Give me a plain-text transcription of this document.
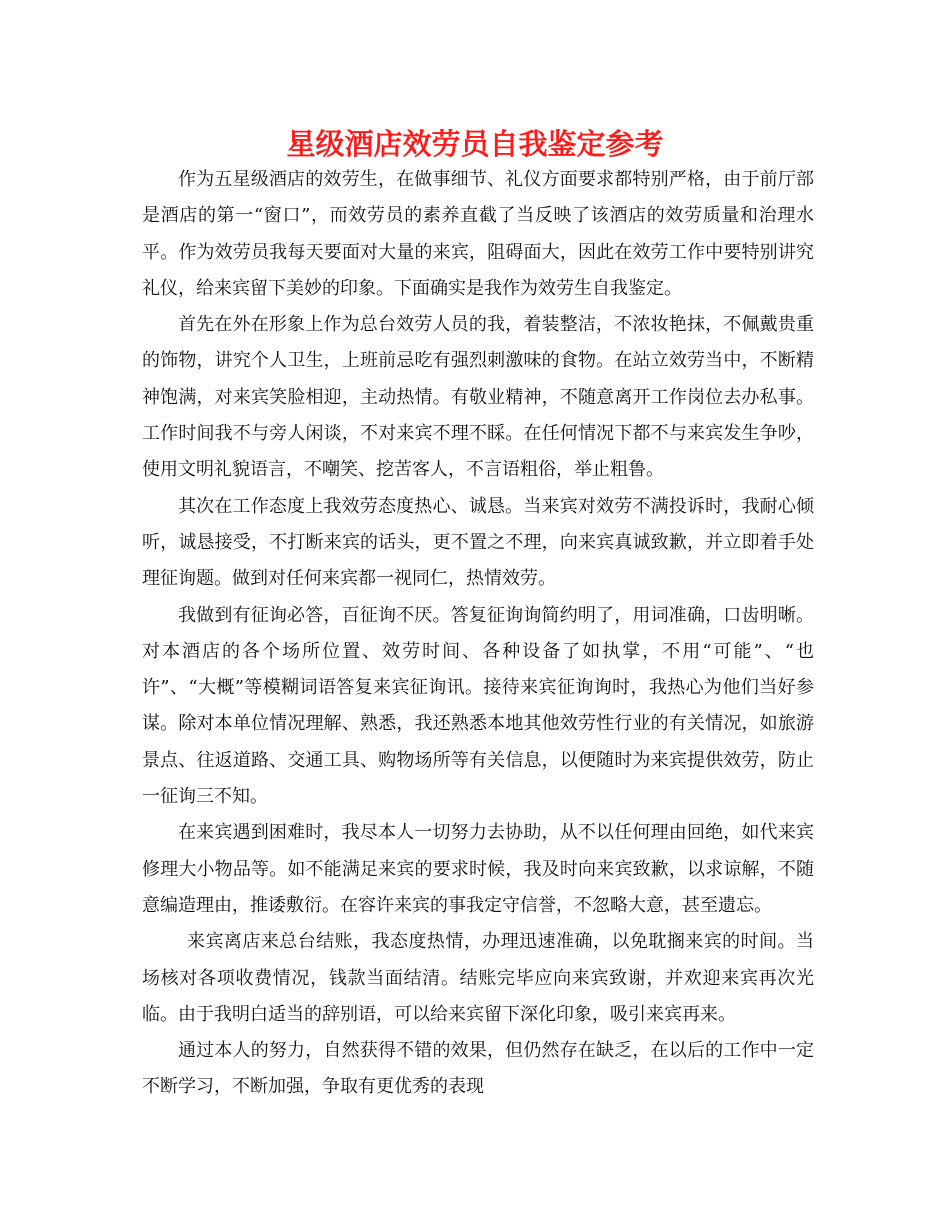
星级酒店效劳员自我鉴定参考

作为五星级酒店的效劳生，在做事细节、礼仪方面要求都特别严格，由于前厅部是酒店的第一“窗口”，而效劳员的素养直截了当反映了该酒店的效劳质量和治理水平。作为效劳员我每天要面对大量的来宾，阻碍面大，因此在效劳工作中要特别讲究礼仪，给来宾留下美妙的印象。下面确实是我作为效劳生自我鉴定。

首先在外在形象上作为总台效劳人员的我，着装整洁，不浓妆艳抹，不佩戴贵重的饰物，讲究个人卫生，上班前忌吃有强烈刺激味的食物。在站立效劳当中，不断精神饱满，对来宾笑脸相迎，主动热情。有敬业精神，不随意离开工作岗位去办私事。工作时间我不与旁人闲谈，不对来宾不理不睬。在任何情况下都不与来宾发生争吵，使用文明礼貌语言，不嘲笑、挖苦客人，不言语粗俗，举止粗鲁。

其次在工作态度上我效劳态度热心、诚恳。当来宾对效劳不满投诉时，我耐心倾听，诚恳接受，不打断来宾的话头，更不置之不理，向来宾真诚致歉，并立即着手处理征询题。做到对任何来宾都一视同仁，热情效劳。

我做到有征询必答，百征询不厌。答复征询询简约明了，用词准确，口齿明晰。对本酒店的各个场所位置、效劳时间、各种设备了如执掌，不用“可能”、“也许”、“大概”等模糊词语答复来宾征询讯。接待来宾征询询时，我热心为他们当好参谋。除对本单位情况理解、熟悉，我还熟悉本地其他效劳性行业的有关情况，如旅游景点、往返道路、交通工具、购物场所等有关信息，以便随时为来宾提供效劳，防止一征询三不知。

在来宾遇到困难时，我尽本人一切努力去协助，从不以任何理由回绝，如代来宾修理大小物品等。如不能满足来宾的要求时候，我及时向来宾致歉，以求谅解，不随意编造理由，推诿敷衍。在容许来宾的事我定守信誉，不忽略大意，甚至遗忘。

来宾离店来总台结账，我态度热情，办理迅速准确，以免耽搁来宾的时间。当场核对各项收费情况，钱款当面结清。结账完毕应向来宾致谢，并欢迎来宾再次光临。由于我明白适当的辞别语，可以给来宾留下深化印象，吸引来宾再来。

通过本人的努力，自然获得不错的效果，但仍然存在缺乏，在以后的工作中一定不断学习，不断加强，争取有更优秀的表现
